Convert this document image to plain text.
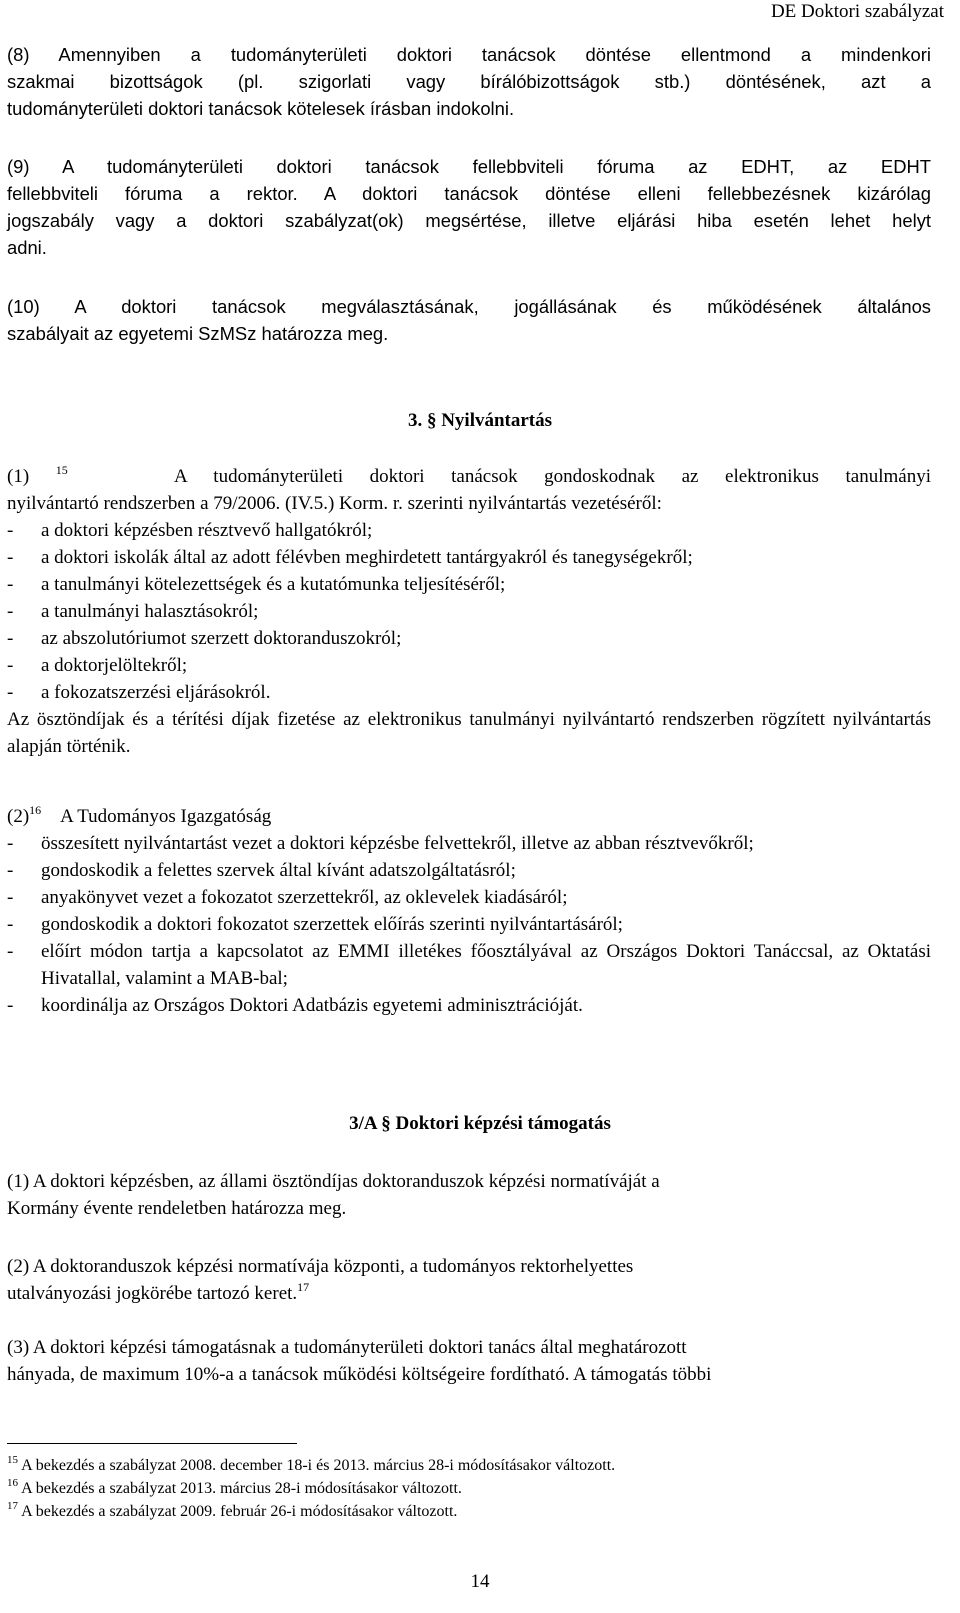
DE Doktori szabályzat
(8) Amennyiben a tudományterületi doktori tanácsok döntése ellentmond a mindenkori
szakmai bizottságok (pl. szigorlati vagy bírálóbizottságok stb.) döntésének, azt a
tudományterületi doktori tanácsok kötelesek írásban indokolni.
(9) A tudományterületi doktori tanácsok fellebbviteli fóruma az EDHT, az EDHT
fellebbviteli fóruma a rektor. A doktori tanácsok döntése elleni fellebbezésnek kizárólag
jogszabály vagy a doktori szabályzat(ok) megsértése, illetve eljárási hiba esetén lehet helyt
adni.
(10) A doktori tanácsok megválasztásának, jogállásának és működésének általános
szabályait az egyetemi SzMSz határozza meg.
3. § Nyilvántartás
(1) $^{15}$	A tudományterületi doktori tanácsok gondoskodnak az elektronikus tanulmányi
nyilvántartó rendszerben a 79/2006. (IV.5.) Korm. r. szerinti nyilvántartás vezetéséről:
-	a doktori képzésben résztvevő hallgatókról;
-	a doktori iskolák által az adott félévben meghirdetett tantárgyakról és tanegységekről;
-	a tanulmányi kötelezettségek és a kutatómunka teljesítéséről;
-	a tanulmányi halasztásokról;
-	az abszolutóriumot szerzett doktoranduszokról;
-	a doktorjelöltekről;
-	a fokozatszerzési eljárásokról.
Az ösztöndíjak és a térítési díjak fizetése az elektronikus tanulmányi nyilvántartó rendszerben rögzített nyilvántartás alapján történik.
$(2)^{16}$ A Tudományos Igazgatóság
-	összesített nyilvántartást vezet a doktori képzésbe felvettekről, illetve az abban résztvevőkről;
-	gondoskodik a felettes szervek által kívánt adatszolgáltatásról;
-	anyakönyvet vezet a fokozatot szerzettekről, az oklevelek kiadásáról;
-	gondoskodik a doktori fokozatot szerzettek előírás szerinti nyilvántartásáról;
-	előírt módon tartja a kapcsolatot az EMMI illetékes főosztályával az Országos Doktori Tanáccsal, az Oktatási Hivatallal, valamint a MAB-bal;
-	koordinálja az Országos Doktori Adatbázis egyetemi adminisztrációját.
3/A § Doktori képzési támogatás
(1) A doktori képzésben, az állami ösztöndíjas doktoranduszok képzési normatíváját a
Kormány évente rendeletben határozza meg.
(2) A doktoranduszok képzési normatívája központi, a tudományos rektorhelyettes
utalványozási jogkörébe tartozó keret.$^{17}$
(3) A doktori képzési támogatásnak a tudományterületi doktori tanács által meghatározott
hányada, de maximum 10%-a a tanácsok működési költségeire fordítható. A támogatás többi
$^{15}$ A bekezdés a szabályzat 2008. december 18-i és 2013. március 28-i módosításakor változott.
$^{16}$ A bekezdés a szabályzat 2013. március 28-i módosításakor változott.
$^{17}$ A bekezdés a szabályzat 2009. február 26-i módosításakor változott.
14
